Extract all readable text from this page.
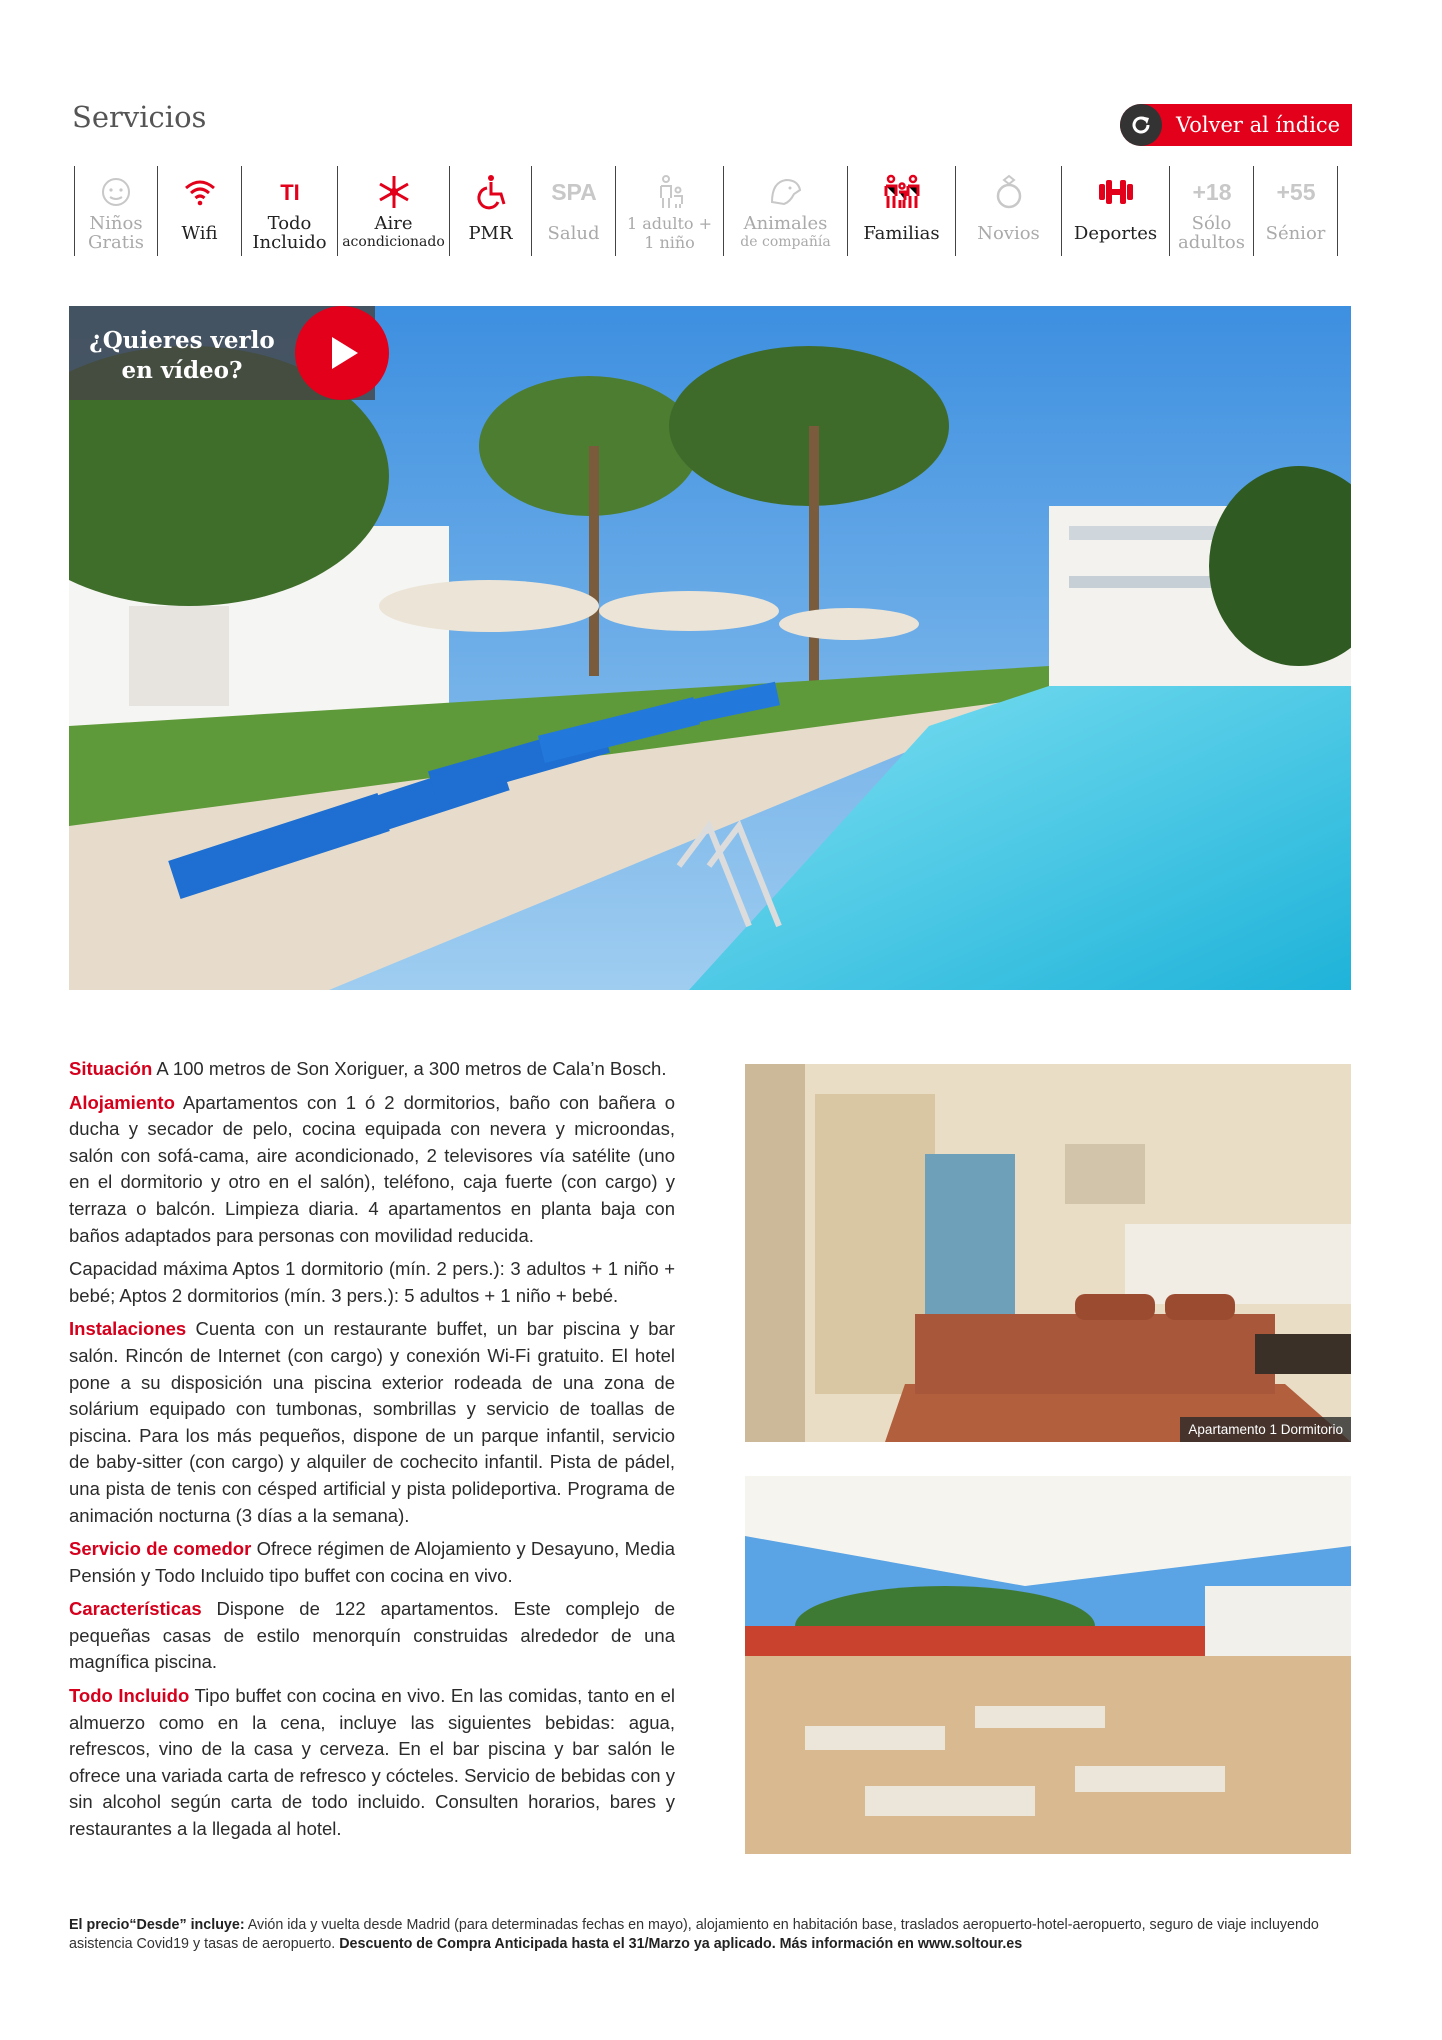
Servicios	Volver al índice
Niños
Gratis Wifi
TI
Todo
Incluido
Aire

acondicionado PMR
SPA
Salud 1 adulto +
1 niño
Animales

de compañía Familias Novios Deportes
+18
Sólo
adultos
+55
Sénior
¿Quieres verlo
en vídeo?

Situación A 100 metros de Son Xoriguer, a 300 metros de Cala’n Bosch.

Alojamiento Apartamentos con 1 ó 2 dormitorios, baño con bañera o ducha y secador de pelo, cocina equipada con nevera y microondas, salón con sofá-cama, aire acondicionado, 2 televisores vía satélite (uno en el dormitorio y otro en el salón), teléfono, caja fuerte (con cargo) y terraza o balcón. Limpieza diaria. 4 apartamentos en planta baja con baños adaptados para personas con movilidad reducida.

Capacidad máxima Aptos 1 dormitorio (mín. 2 pers.): 3 adultos + 1 niño + bebé; Aptos 2 dormitorios (mín. 3 pers.): 5 adultos + 1 niño + bebé.

Instalaciones Cuenta con un restaurante buffet, un bar piscina y bar salón. Rincón de Internet (con cargo) y conexión Wi-Fi gratuito. El hotel pone a su disposición una piscina exterior rodeada de una zona de solárium equipado con tumbonas, sombrillas y servicio de toallas de piscina. Para los más pequeños, dispone de un parque infantil, servicio de baby-sitter (con cargo) y alquiler de cochecito infantil. Pista de pádel, una pista de tenis con césped artificial y pista polideportiva. Programa de animación nocturna (3 días a la semana).

Servicio de comedor Ofrece régimen de Alojamiento y Desayuno, Media Pensión y Todo Incluido tipo buffet con cocina en vivo.

Características Dispone de 122 apartamentos. Este complejo de pequeñas casas de estilo menorquín construidas alrededor de una magnífica piscina.

Todo Incluido Tipo buffet con cocina en vivo. En las comidas, tanto en el almuerzo como en la cena, incluye las siguientes bebidas: agua, refrescos, vino de la casa y cerveza. En el bar piscina y bar salón le ofrece una variada carta de refresco y cócteles. Servicio de bebidas con y sin alcohol según carta de todo incluido. Consulten horarios, bares y restaurantes a la llegada al hotel.

Apartamento 1 Dormitorio
El precio“Desde” incluye: Avión ida y vuelta desde Madrid (para determinadas fechas en mayo), alojamiento en habitación base, traslados aeropuerto-hotel-aeropuerto, seguro de viaje incluyendo asistencia Covid19 y tasas de aeropuerto. Descuento de Compra Anticipada hasta el 31/Marzo ya aplicado. Más información en www.soltour.es
